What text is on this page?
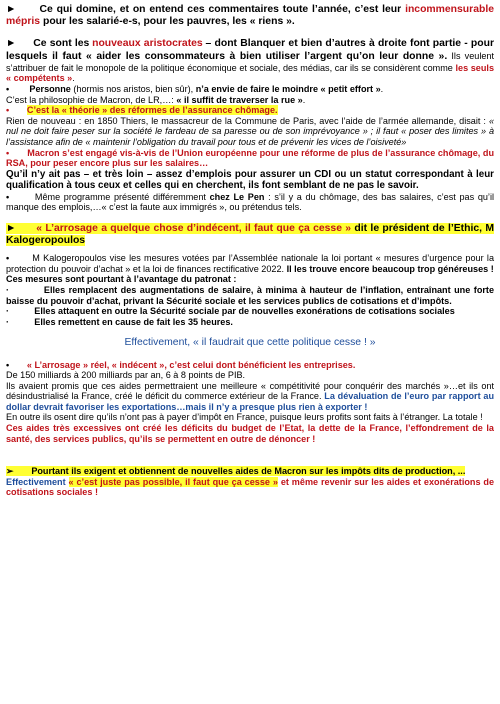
► Ce qui domine, et on entend ces commentaires toute l’année, c’est leur incommensurable mépris pour les salarié-e-s, pour les pauvres, les « riens ».

► Ce sont les nouveaux aristocrates – dont Blanquer et bien d’autres à droite font partie - pour lesquels il faut « aider les consommateurs à bien utiliser l’argent qu’on leur donne ». Ils veulent s’attribuer de fait le monopole de la politique économique et sociale, des médias, car ils se considèrent comme les seuls « compétents ».

• Personne (hormis nos aristos, bien sûr), n’a envie de faire le moindre « petit effort ».

C’est la philosophie de Macron, de LR,…: « il suffit de traverser la rue ».

• C’est la « théorie » des réformes de l’assurance chômage.

Rien de nouveau : en 1850 Thiers, le massacreur de la Commune de Paris, avec l’aide de l’armée allemande, disait : « nul ne doit faire peser sur la société le fardeau de sa paresse ou de son imprévoyance » ; il faut « poser des limites » à l’assistance afin de « maintenir l’obligation du travail pour tous et de prévenir les vices de l’oisiveté»

• Macron s’est engagé vis-à-vis de l’Union européenne pour une réforme de plus de l’assurance chômage, du RSA, pour peser encore plus sur les salaires…

Qu’il n’y ait pas – et très loin – assez d’emplois pour assurer un CDI ou un statut correspondant à leur qualification à tous ceux et celles qui en cherchent, ils font semblant de ne pas le savoir.

•	Même programme présenté différemment chez Le Pen : s’il y a du chômage, des bas salaires, c’est pas qu’il manque des emplois,…« c’est la faute aux immigrés », ou prétendus tels.

► « L’arrosage a quelque chose d’indécent, il faut que ça cesse » dit le président de l’Ethic, M Kalogeropoulos

•	M Kalogeropoulos vise les mesures votées par l’Assemblée nationale la loi portant « mesures d’urgence pour la protection du pouvoir d’achat » et la loi de finances rectificative 2022. Il les trouve encore beaucoup trop généreuses !

Ces mesures sont pourtant à l’avantage du patronat :

·	Elles remplacent des augmentations de salaire, à minima à hauteur de l’inflation, entraînant une forte baisse du pouvoir d’achat, privant la Sécurité sociale et les services publics de cotisations et d’impôts.

·	Elles attaquent en outre la Sécurité sociale par de nouvelles exonérations de cotisations sociales

·	Elles remettent en cause de fait les 35 heures.

Effectivement, « il faudrait que cette politique cesse ! »

• « L’arrosage » réel, « indécent », c’est celui dont bénéficient les entreprises.

De 150 milliards à 200 milliards par an, 6 à 8 points de PIB.

Ils avaient promis que ces aides permettraient une meilleure « compétitivité pour conquérir des marchés »…et ils ont désindustrialisé la France, créé le déficit du commerce extérieur de la France. La dévaluation de l’euro par rapport au dollar devrait favoriser les exportations…mais il n’y a presque plus rien à exporter !

En outre ils osent dire qu’ils n’ont pas à payer d’impôt en France, puisque leurs profits sont faits à l’étranger. La totale !

Ces aides très excessives ont créé les déficits du budget de l’Etat, la dette de la France, l’effondrement de la santé, des services publics, qu’ils se permettent en outre de dénoncer !

➢ Pourtant ils exigent et obtiennent de nouvelles aides de Macron sur les impôts dits de production, ...

Effectivement « c’est juste pas possible, il faut que ça cesse » et même revenir sur les aides et exonérations de cotisations sociales !
